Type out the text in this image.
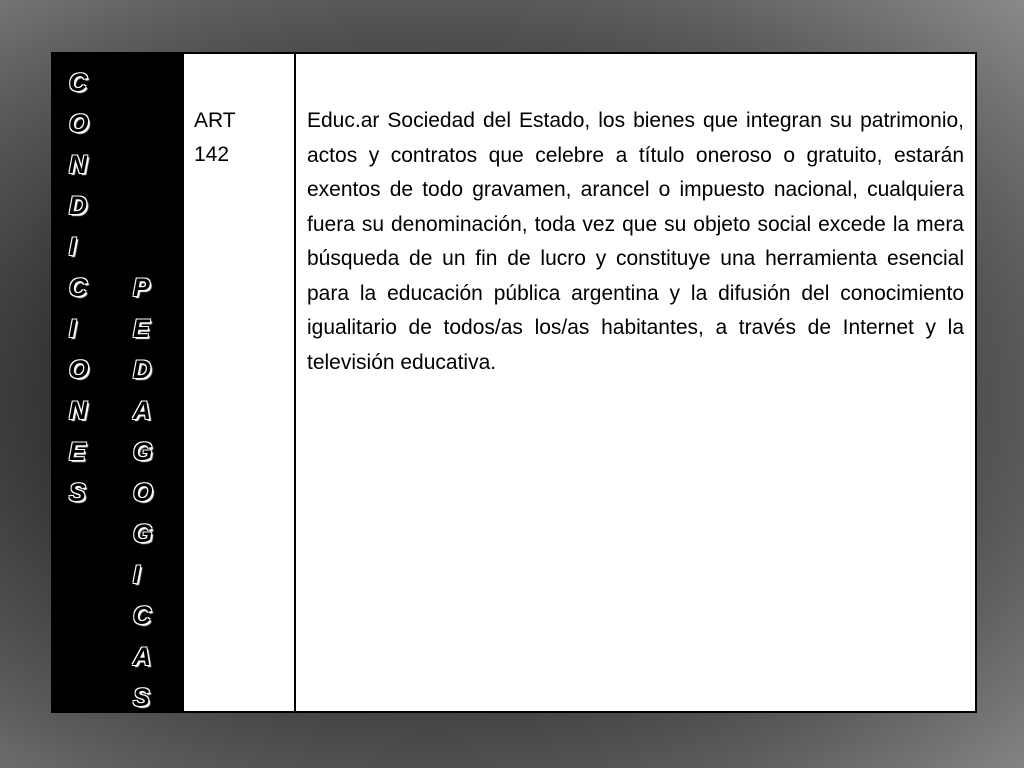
C
O
N
D
I
C
I
O
N
E
S
P
E
D
A
G
O
G
I
C
A
S
ART
142

Educ.ar Sociedad del Estado, los bienes que integran su patrimonio, actos y contratos que celebre a título oneroso o gratuito, estarán exentos de todo gravamen, arancel o impuesto nacional, cualquiera fuera su denominación, toda vez que su objeto social excede la mera búsqueda de un fin de lucro y constituye una herramienta esencial para la educación pública argentina y la difusión del conocimiento igualitario de todos/as los/as habitantes, a través de Internet y la televisión educativa.
